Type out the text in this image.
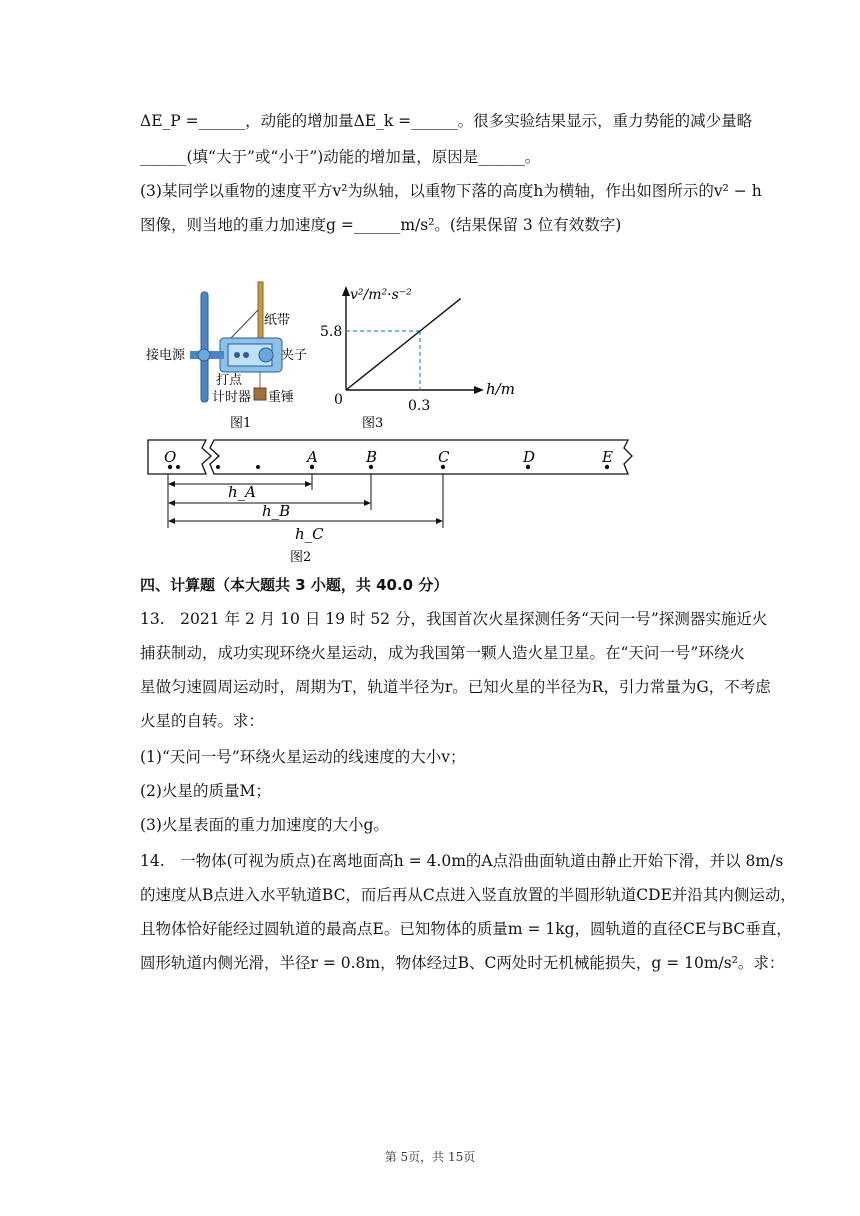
ΔE_P =______，动能的增加量ΔE_k =______。很多实验结果显示，重力势能的减少量略
______(填“大于”或“小于”)动能的增加量，原因是______。
(3)某同学以重物的速度平方v²为纵轴，以重物下落的高度h为横轴，作出如图所示的v² − h
图像，则当地的重力加速度g =______m/s²。(结果保留 3 位有效数字)
纸带
接电源	夹子
打点
计时器 重锤
图1
v²/m²·s⁻²
h/m
5.8
0.3
0
图3
O	A	B	C	D	E
h_A
h_B
h_C
图2
四、计算题（本大题共 3 小题，共 40.0 分）
13.　2021 年 2 月 10 日 19 时 52 分，我国首次火星探测任务“天问一号”探测器实施近火
捕获制动，成功实现环绕火星运动，成为我国第一颗人造火星卫星。在“天问一号”环绕火
星做匀速圆周运动时，周期为T，轨道半径为r。已知火星的半径为R，引力常量为G，不考虑
火星的自转。求：
(1)“天问一号”环绕火星运动的线速度的大小v；
(2)火星的质量M；
(3)火星表面的重力加速度的大小g。
14.　一物体(可视为质点)在离地面高h = 4.0m的A点沿曲面轨道由静止开始下滑，并以 8m/s
的速度从B点进入水平轨道BC，而后再从C点进入竖直放置的半圆形轨道CDE并沿其内侧运动，
且物体恰好能经过圆轨道的最高点E。已知物体的质量m = 1kg，圆轨道的直径CE与BC垂直，
圆形轨道内侧光滑，半径r = 0.8m，物体经过B、C两处时无机械能损失，g = 10m/s²。求：
第 5页，共 15页
